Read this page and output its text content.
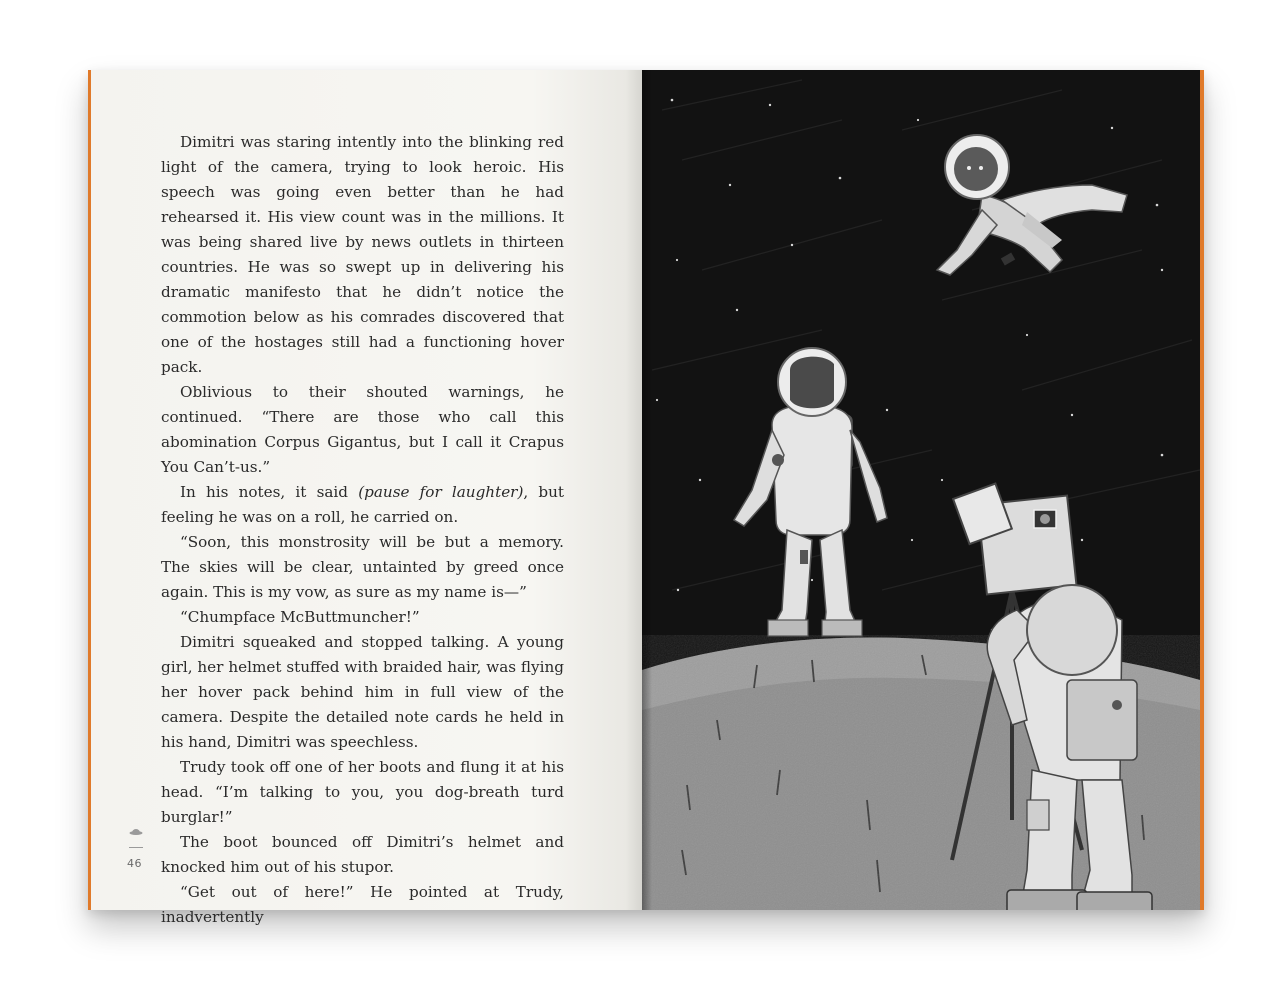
Dimitri was staring intently into the blinking red light of the camera, trying to look heroic. His speech was going even better than he had rehearsed it. His view count was in the millions. It was being shared live by news outlets in thirteen countries. He was so swept up in delivering his dramatic manifesto that he didn’t notice the commotion below as his comrades discovered that one of the hostages still had a functioning hover pack.

Oblivious to their shouted warnings, he continued. “There are those who call this abomination Corpus Gigantus, but I call it Crapus You Can’t-us.”

In his notes, it said (pause for laughter), but feeling he was on a roll, he carried on.

“Soon, this monstrosity will be but a memory. The skies will be clear, untainted by greed once again. This is my vow, as sure as my name is—”

“Chumpface McButtmuncher!”

Dimitri squeaked and stopped talking. A young girl, her helmet stuffed with braided hair, was flying her hover pack behind him in full view of the camera. Despite the detailed note cards he held in his hand, Dimitri was speechless.

Trudy took off one of her boots and flung it at his head. “I’m talking to you, you dog-breath turd burglar!”

The boot bounced off Dimitri’s helmet and knocked him out of his stupor.

“Get out of here!” He pointed at Trudy, inadvertently

46
